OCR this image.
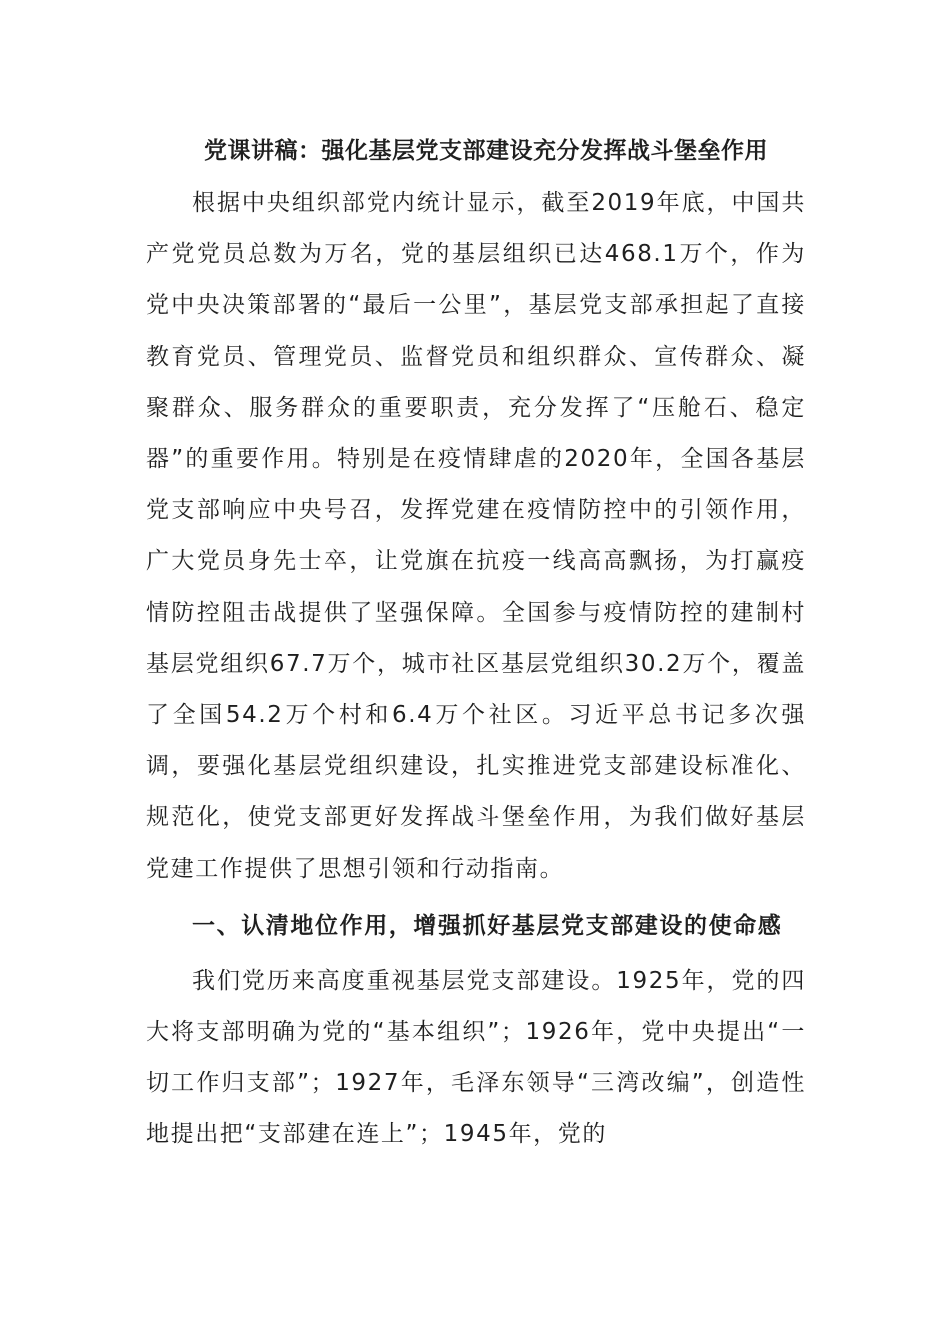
党课讲稿：强化基层党支部建设充分发挥战斗堡垒作用

根据中央组织部党内统计显示，截至2019年底，中国共产党党员总数为万名，党的基层组织已达468.1万个，作为党中央决策部署的“最后一公里”，基层党支部承担起了直接教育党员、管理党员、监督党员和组织群众、宣传群众、凝聚群众、服务群众的重要职责，充分发挥了“压舱石、稳定器”的重要作用。特别是在疫情肆虐的2020年，全国各基层党支部响应中央号召，发挥党建在疫情防控中的引领作用，广大党员身先士卒，让党旗在抗疫一线高高飘扬，为打赢疫情防控阻击战提供了坚强保障。全国参与疫情防控的建制村基层党组织67.7万个，城市社区基层党组织30.2万个，覆盖了全国54.2万个村和6.4万个社区。习近平总书记多次强调，要强化基层党组织建设，扎实推进党支部建设标准化、规范化，使党支部更好发挥战斗堡垒作用，为我们做好基层党建工作提供了思想引领和行动指南。

一、认清地位作用，增强抓好基层党支部建设的使命感

我们党历来高度重视基层党支部建设。1925年，党的四大将支部明确为党的“基本组织”；1926年，党中央提出“一切工作归支部”；1927年，毛泽东领导“三湾改编”，创造性地提出把“支部建在连上”；1945年，党的
